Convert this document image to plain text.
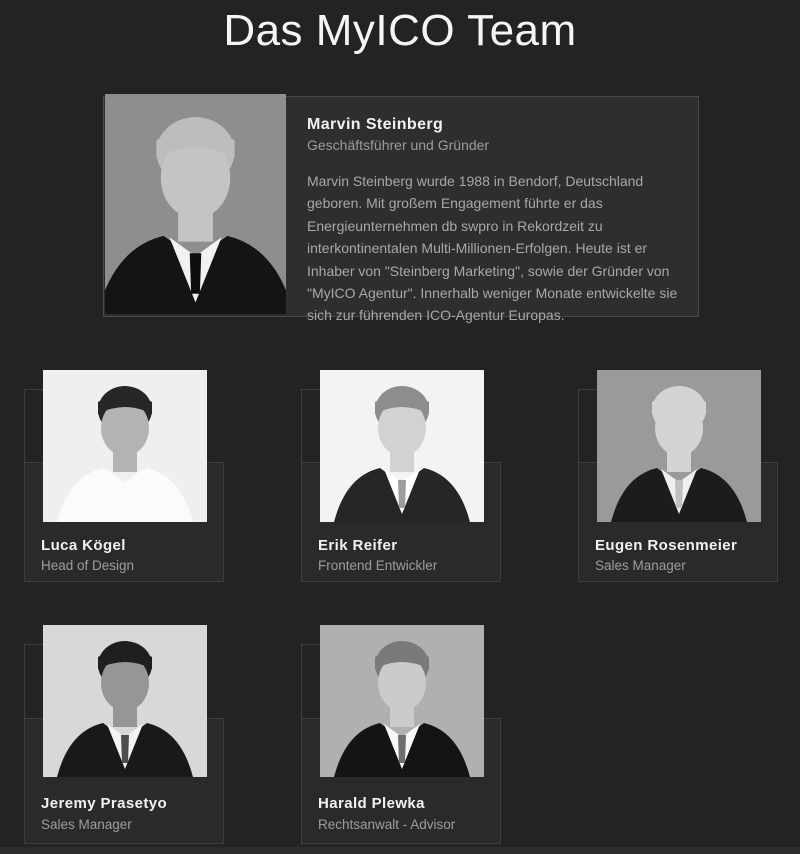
Das MyICO Team
Marvin Steinberg
Geschäftsführer und Gründer

Marvin Steinberg wurde 1988 in Bendorf, Deutschland geboren. Mit großem Engagement führte er das Energieunternehmen db swpro in Rekordzeit zu interkontinentalen Multi-Millionen-Erfolgen. Heute ist er Inhaber von "Steinberg Marketing", sowie der Gründer von "MyICO Agentur". Innerhalb weniger Monate entwickelte sie sich zur führenden ICO-Agentur Europas.

Luca Kögel
Head of Design
Erik Reifer
Frontend Entwickler
Eugen Rosenmeier
Sales Manager
Jeremy Prasetyo
Sales Manager
Harald Plewka
Rechtsanwalt - Advisor
